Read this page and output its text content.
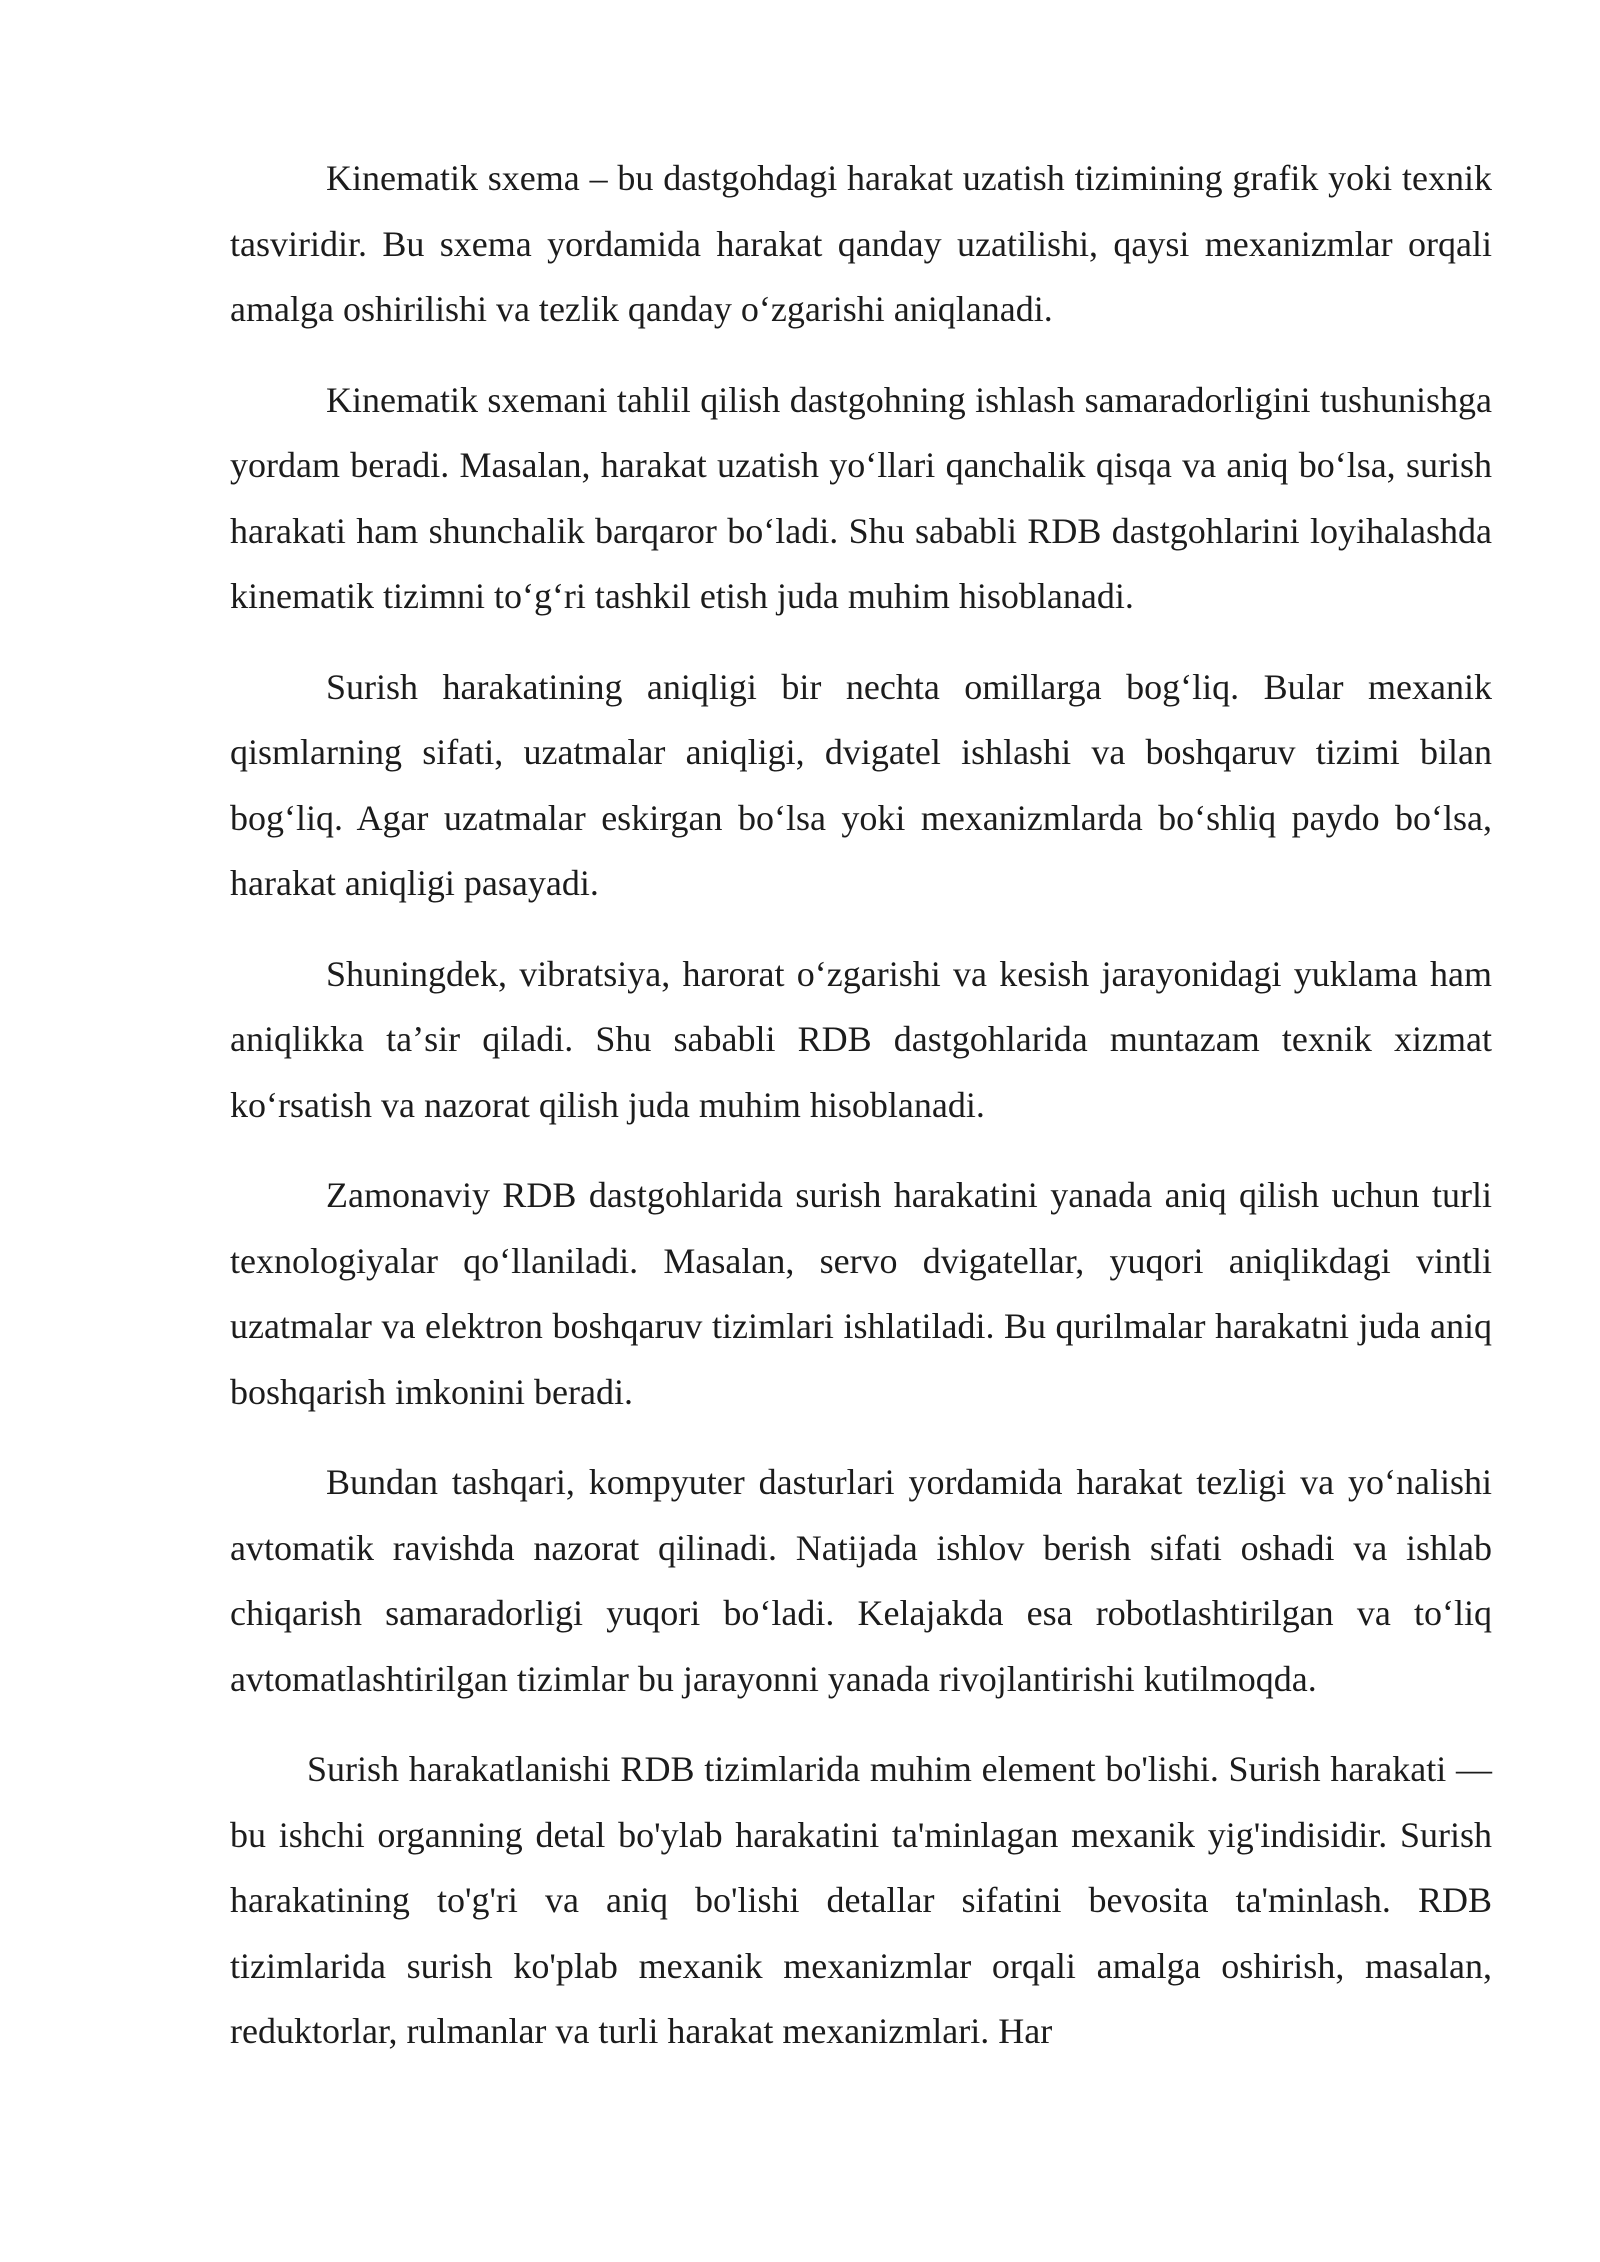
Kinematik sxema – bu dastgohdagi harakat uzatish tizimining grafik yoki texnik tasviridir. Bu sxema yordamida harakat qanday uzatilishi, qaysi mexanizmlar orqali amalga oshirilishi va tezlik qanday oʻzgarishi aniqlanadi.

Kinematik sxemani tahlil qilish dastgohning ishlash samaradorligini tushunishga yordam beradi. Masalan, harakat uzatish yoʻllari qanchalik qisqa va aniq boʻlsa, surish harakati ham shunchalik barqaror boʻladi. Shu sababli RDB dastgohlarini loyihalashda kinematik tizimni toʻgʻri tashkil etish juda muhim hisoblanadi.

Surish harakatining aniqligi bir nechta omillarga bogʻliq. Bular mexanik qismlarning sifati, uzatmalar aniqligi, dvigatel ishlashi va boshqaruv tizimi bilan bogʻliq. Agar uzatmalar eskirgan boʻlsa yoki mexanizmlarda boʻshliq paydo boʻlsa, harakat aniqligi pasayadi.

Shuningdek, vibratsiya, harorat oʻzgarishi va kesish jarayonidagi yuklama ham aniqlikka taʼsir qiladi. Shu sababli RDB dastgohlarida muntazam texnik xizmat koʻrsatish va nazorat qilish juda muhim hisoblanadi.

Zamonaviy RDB dastgohlarida surish harakatini yanada aniq qilish uchun turli texnologiyalar qoʻllaniladi. Masalan, servo dvigatellar, yuqori aniqlikdagi vintli uzatmalar va elektron boshqaruv tizimlari ishlatiladi. Bu qurilmalar harakatni juda aniq boshqarish imkonini beradi.

Bundan tashqari, kompyuter dasturlari yordamida harakat tezligi va yoʻnalishi avtomatik ravishda nazorat qilinadi. Natijada ishlov berish sifati oshadi va ishlab chiqarish samaradorligi yuqori boʻladi. Kelajakda esa robotlashtirilgan va toʻliq avtomatlashtirilgan tizimlar bu jarayonni yanada rivojlantirishi kutilmoqda.

Surish harakatlanishi RDB tizimlarida muhim element bo'lishi. Surish harakati — bu ishchi organning detal bo'ylab harakatini ta'minlagan mexanik yig'indisidir. Surish harakatining to'g'ri va aniq bo'lishi detallar sifatini bevosita ta'minlash. RDB tizimlarida surish ko'plab mexanik mexanizmlar orqali amalga oshirish, masalan, reduktorlar, rulmanlar va turli harakat mexanizmlari. Har
